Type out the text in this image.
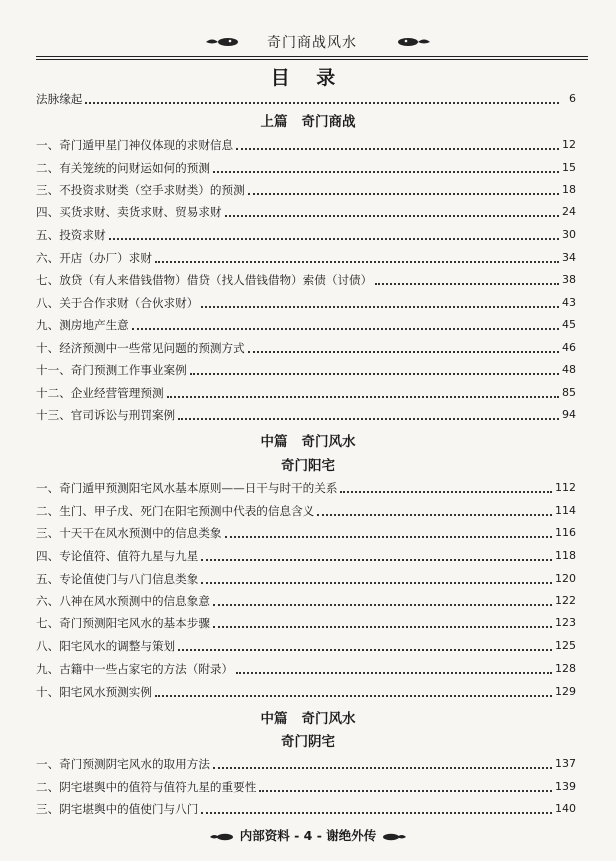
奇门商战风水
目 录
法脉缘起	6
上篇 奇门商战
一、奇门遁甲星门神仪体现的求财信息	12
二、有关笼统的问财运如何的预测	15
三、不投资求财类（空手求财类）的预测	18
四、买货求财、卖货求财、贸易求财	24
五、投资求财	30
六、开店（办厂）求财	34
七、放贷（有人来借钱借物）借贷（找人借钱借物）索债（讨债）	38
八、关于合作求财（合伙求财）	43
九、测房地产生意	45
十、经济预测中一些常见问题的预测方式	46
十一、奇门预测工作事业案例	48
十二、企业经营管理预测	85
十三、官司诉讼与刑罚案例	94
中篇 奇门风水
奇门阳宅
一、奇门遁甲预测阳宅风水基本原则——日干与时干的关系	112
二、生门、甲子戊、死门在阳宅预测中代表的信息含义	114
三、十天干在风水预测中的信息类象	116
四、专论值符、值符九星与九星	118
五、专论值使门与八门信息类象	120
六、八神在风水预测中的信息象意	122
七、奇门预测阳宅风水的基本步骤	123
八、阳宅风水的调整与策划	125
九、古籍中一些占家宅的方法（附录）	128
十、阳宅风水预测实例	129
中篇 奇门风水
奇门阴宅
一、奇门预测阴宅风水的取用方法	137
二、阴宅堪舆中的值符与值符九星的重要性	139
三、阴宅堪舆中的值使门与八门	140
内部资料 - 4 - 谢绝外传
